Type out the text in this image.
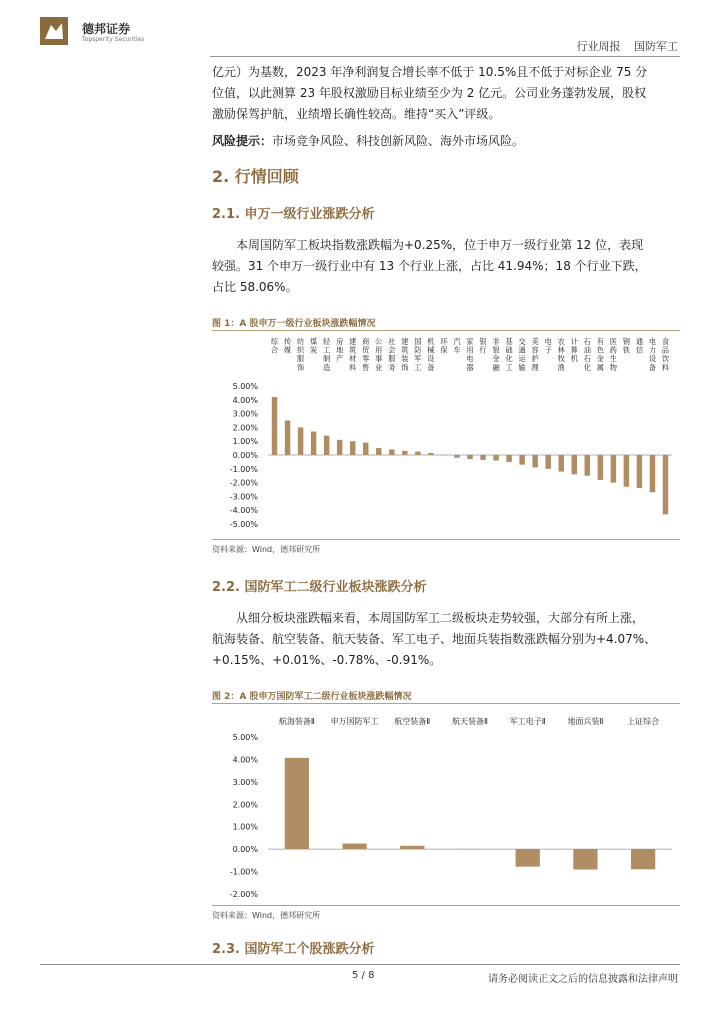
德邦证券
Topsperity Securities
行业周报 国防军工
亿元）为基数，2023 年净利润复合增长率不低于 10.5%且不低于对标企业 75 分
位值，以此测算 23 年股权激励目标业绩至少为 2 亿元。公司业务蓬勃发展，股权
激励保驾护航，业绩增长确性较高。维持“买入”评级。
风险提示：市场竞争风险、科技创新风险、海外市场风险。
2. 行情回顾
2.1. 申万一级行业涨跌分析
本周国防军工板块指数涨跌幅为+0.25%，位于申万一级行业第 12 位，表现
较强。31 个申万一级行业中有 13 个行业上涨，占比 41.94%；18 个行业下跌，
占比 58.06%。
图 1：A 股申万一级行业板块涨跌幅情况
5.00%
4.00%
3.00%
2.00%
1.00%
0.00%
-1.00%
-2.00%
-3.00%
-4.00%
-5.00%
综
合
传
媒
纺
织
服
饰
煤
炭
轻
工
制
造
房
地
产
建
筑
材
料
商
贸
零
售
公
用
事
业
社
会
服
务
建
筑
装
饰
国
防
军
工
机
械
设
备
环
保
汽
车
家
用
电
器
银
行
非
银
金
融
基
础
化
工
交
通
运
输
美
容
护
理
电
子
农
林
牧
渔
计
算
机
石
油
石
化
有
色
金
属
医
药
生
物
钢
铁
通
信
电
力
设
备
食
品
饮
料
资料来源：Wind，德邦研究所
2.2. 国防军工二级行业板块涨跌分析
从细分板块涨跌幅来看，本周国防军工二级板块走势较强，大部分有所上涨，
航海装备、航空装备、航天装备、军工电子、地面兵装指数涨跌幅分别为+4.07%、
+0.15%、+0.01%、-0.78%、-0.91%。
图 2：A 股申万国防军工二级行业板块涨跌幅情况
5.00%
4.00%
3.00%
2.00%
1.00%
0.00%
-1.00%
-2.00%
航海装备Ⅱ 申万国防军工 航空装备Ⅱ	航天装备Ⅱ	军工电子Ⅱ	地面兵装Ⅱ	上证综合
资料来源：Wind，德邦研究所
2.3. 国防军工个股涨跌分析
5 / 8	请务必阅读正文之后的信息披露和法律声明
